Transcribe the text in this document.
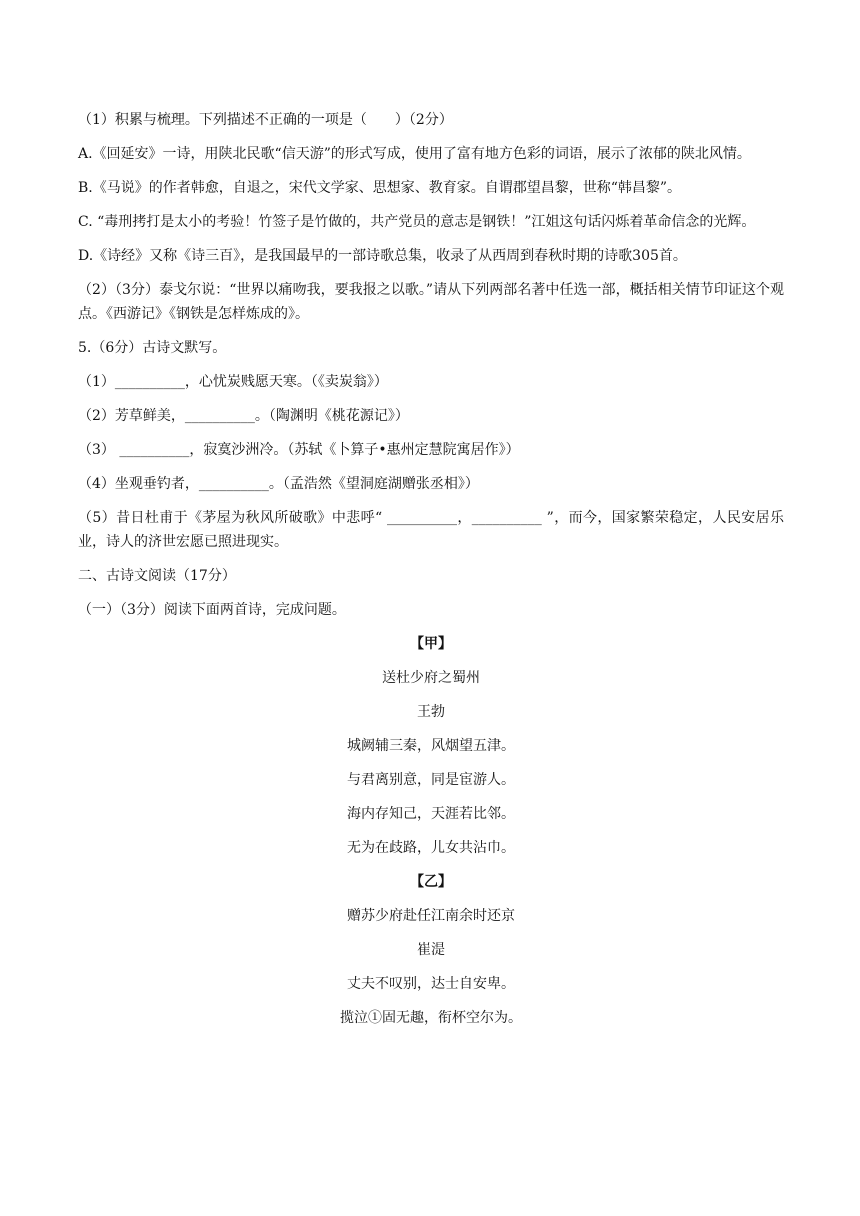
（1）积累与梳理。下列描述不正确的一项是（　　）（2分）
A.《回延安》一诗，用陕北民歌“信天游”的形式写成，使用了富有地方色彩的词语，展示了浓郁的陕北风情。
B.《马说》的作者韩愈，自退之，宋代文学家、思想家、教育家。自谓郡望昌黎，世称“韩昌黎”。
C. “毒刑拷打是太小的考验！竹签子是竹做的，共产党员的意志是钢铁！”江姐这句话闪烁着革命信念的光辉。
D.《诗经》又称《诗三百》，是我国最早的一部诗歌总集，收录了从西周到春秋时期的诗歌305首。
（2）（3分）泰戈尔说：“世界以痛吻我，要我报之以歌。”请从下列两部名著中任选一部，概括相关情节印证这个观点。《西游记》《钢铁是怎样炼成的》。
5.（6分）古诗文默写。
（1）__________，心忧炭贱愿天寒。（《卖炭翁》）
（2）芳草鲜美，__________。（陶渊明《桃花源记》）
（3） __________，寂寞沙洲冷。（苏轼《卜算子•惠州定慧院寓居作》）
（4）坐观垂钓者，__________。（孟浩然《望洞庭湖赠张丞相》）
（5）昔日杜甫于《茅屋为秋风所破歌》中悲呼“ __________，__________ ”，而今，国家繁荣稳定，人民安居乐业，诗人的济世宏愿已照进现实。
二、古诗文阅读（17分）
（一）（3分）阅读下面两首诗，完成问题。
【甲】
送杜少府之蜀州
王勃
城阙辅三秦，风烟望五津。
与君离别意，同是宦游人。
海内存知己，天涯若比邻。
无为在歧路，儿女共沾巾。
【乙】
赠苏少府赴任江南余时还京
崔湜
丈夫不叹别，达士自安卑。
揽泣①固无趣，衔杯空尔为。
